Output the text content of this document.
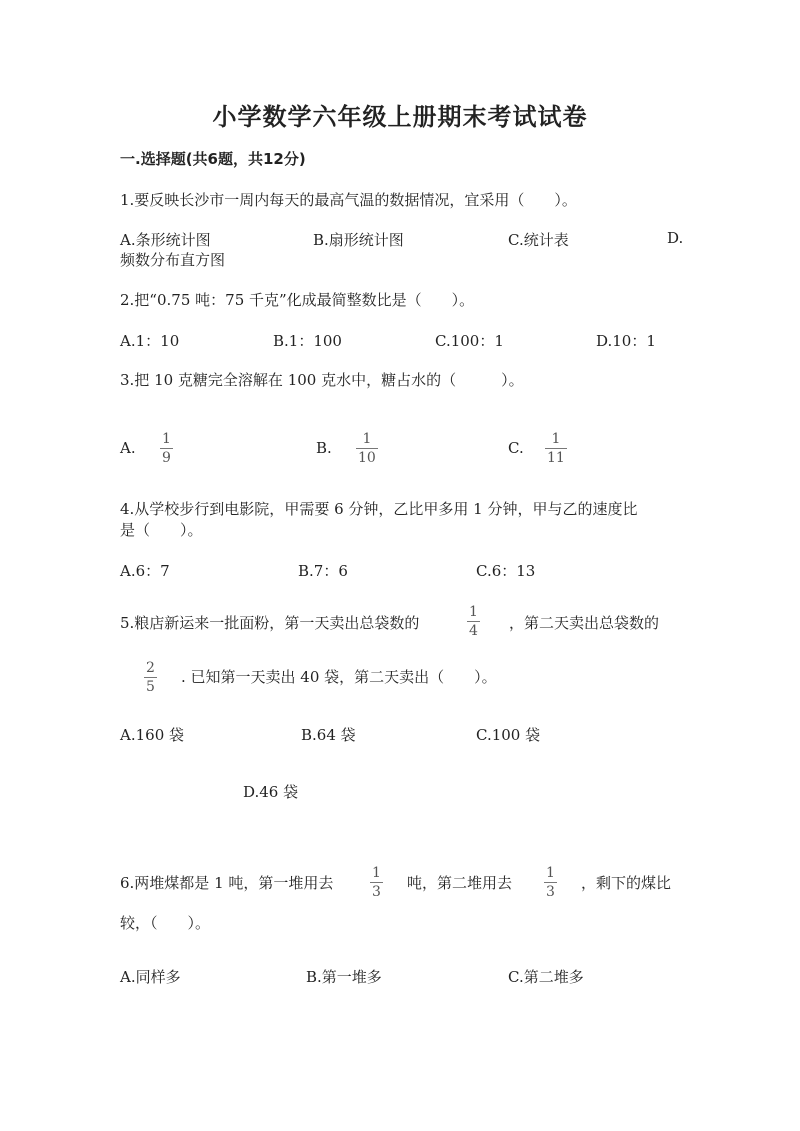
小学数学六年级上册期末考试试卷
一.选择题(共6题，共12分)
1.要反映长沙市一周内每天的最高气温的数据情况，宜采用（　　）。
A.条形统计图	B.扇形统计图	C.统计表	D.
频数分布直方图
2.把“0.75 吨：75 千克”化成最简整数比是（　　）。
A.1：10	B.1：100	C.100：1	D.10：1
3.把 10 克糖完全溶解在 100 克水中，糖占水的（　　　）。
A. 1
9
B. 1
10
C. 1
11
4.从学校步行到电影院，甲需要 6 分钟，乙比甲多用 1 分钟，甲与乙的速度比
是（　　）。
A.6：7	B.7：6	C.6：13
5.粮店新运来一批面粉，第一天卖出总袋数的
1
4 ，第二天卖出总袋数的
2
5
. 已知第一天卖出 40 袋，第二天卖出（　　）。
A.160 袋	B.64 袋	C.100 袋
D.46 袋
6.两堆煤都是 1 吨，第一堆用去
1
3 吨，第二堆用去
1
3 ，剩下的煤比
较，（　　）。
A.同样多	B.第一堆多	C.第二堆多
